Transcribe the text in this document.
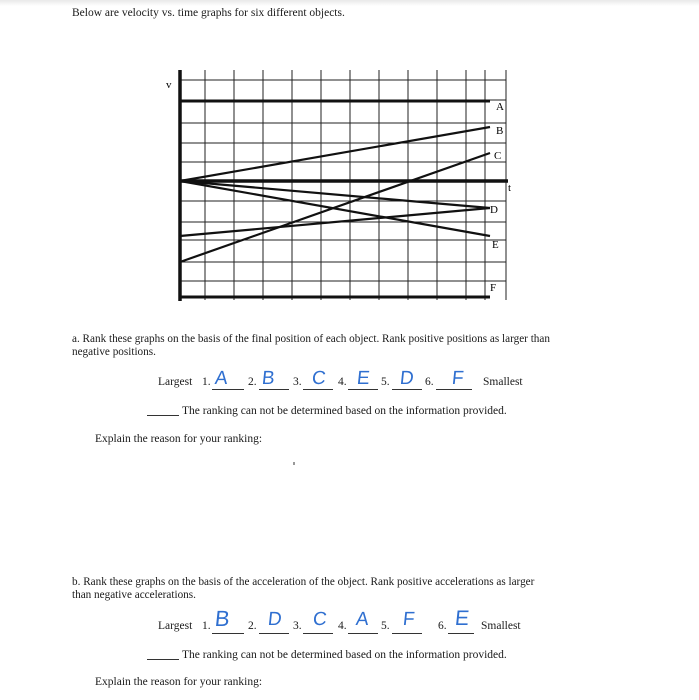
Below are velocity vs. time graphs for six different objects.
v
t
A
B
C
D
E
F
a. Rank these graphs on the basis of the final position of each object. Rank positive positions as larger than
negative positions.
Largest 1. A 2. B 3. C 4. E 5. D 6. F Smallest
The ranking can not be determined based on the information provided.
Explain the reason for your ranking:
b. Rank these graphs on the basis of the acceleration of the object. Rank positive accelerations as larger
than negative accelerations.
Largest 1. B 2. D 3. C 4. A 5. F 6. E Smallest
The ranking can not be determined based on the information provided.
Explain the reason for your ranking:
